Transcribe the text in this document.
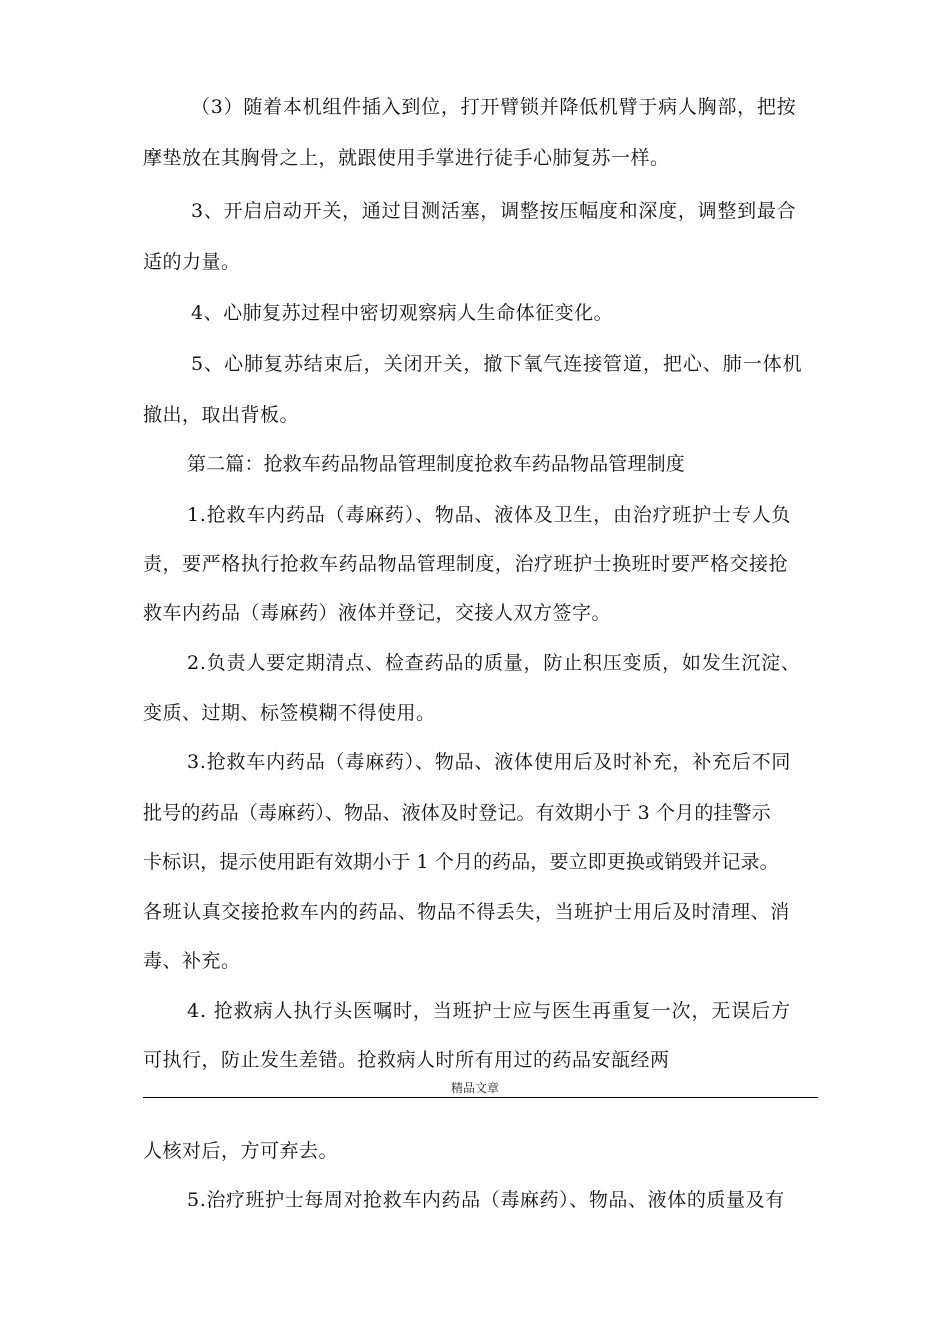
（3）随着本机组件插入到位，打开臂锁并降低机臂于病人胸部，把按
摩垫放在其胸骨之上，就跟使用手掌进行徒手心肺复苏一样。
3、开启启动开关，通过目测活塞，调整按压幅度和深度，调整到最合
适的力量。
4、心肺复苏过程中密切观察病人生命体征变化。
5、心肺复苏结束后，关闭开关，撤下氧气连接管道，把心、肺一体机
撤出，取出背板。
第二篇：抢救车药品物品管理制度抢救车药品物品管理制度
1.抢救车内药品（毒麻药）、物品、液体及卫生，由治疗班护士专人负
责，要严格执行抢救车药品物品管理制度，治疗班护士换班时要严格交接抢
救车内药品（毒麻药）液体并登记，交接人双方签字。
2.负责人要定期清点、检查药品的质量，防止积压变质，如发生沉淀、
变质、过期、标签模糊不得使用。
3.抢救车内药品（毒麻药）、物品、液体使用后及时补充，补充后不同
批号的药品（毒麻药）、物品、液体及时登记。有效期小于 3 个月的挂警示
卡标识，提示使用距有效期小于 1 个月的药品，要立即更换或销毁并记录。
各班认真交接抢救车内的药品、物品不得丢失，当班护士用后及时清理、消
毒、补充。
4. 抢救病人执行头医嘱时，当班护士应与医生再重复一次，无误后方
可执行，防止发生差错。抢救病人时所有用过的药品安瓿经两
精品文章
人核对后，方可弃去。
5.治疗班护士每周对抢救车内药品（毒麻药）、物品、液体的质量及有
